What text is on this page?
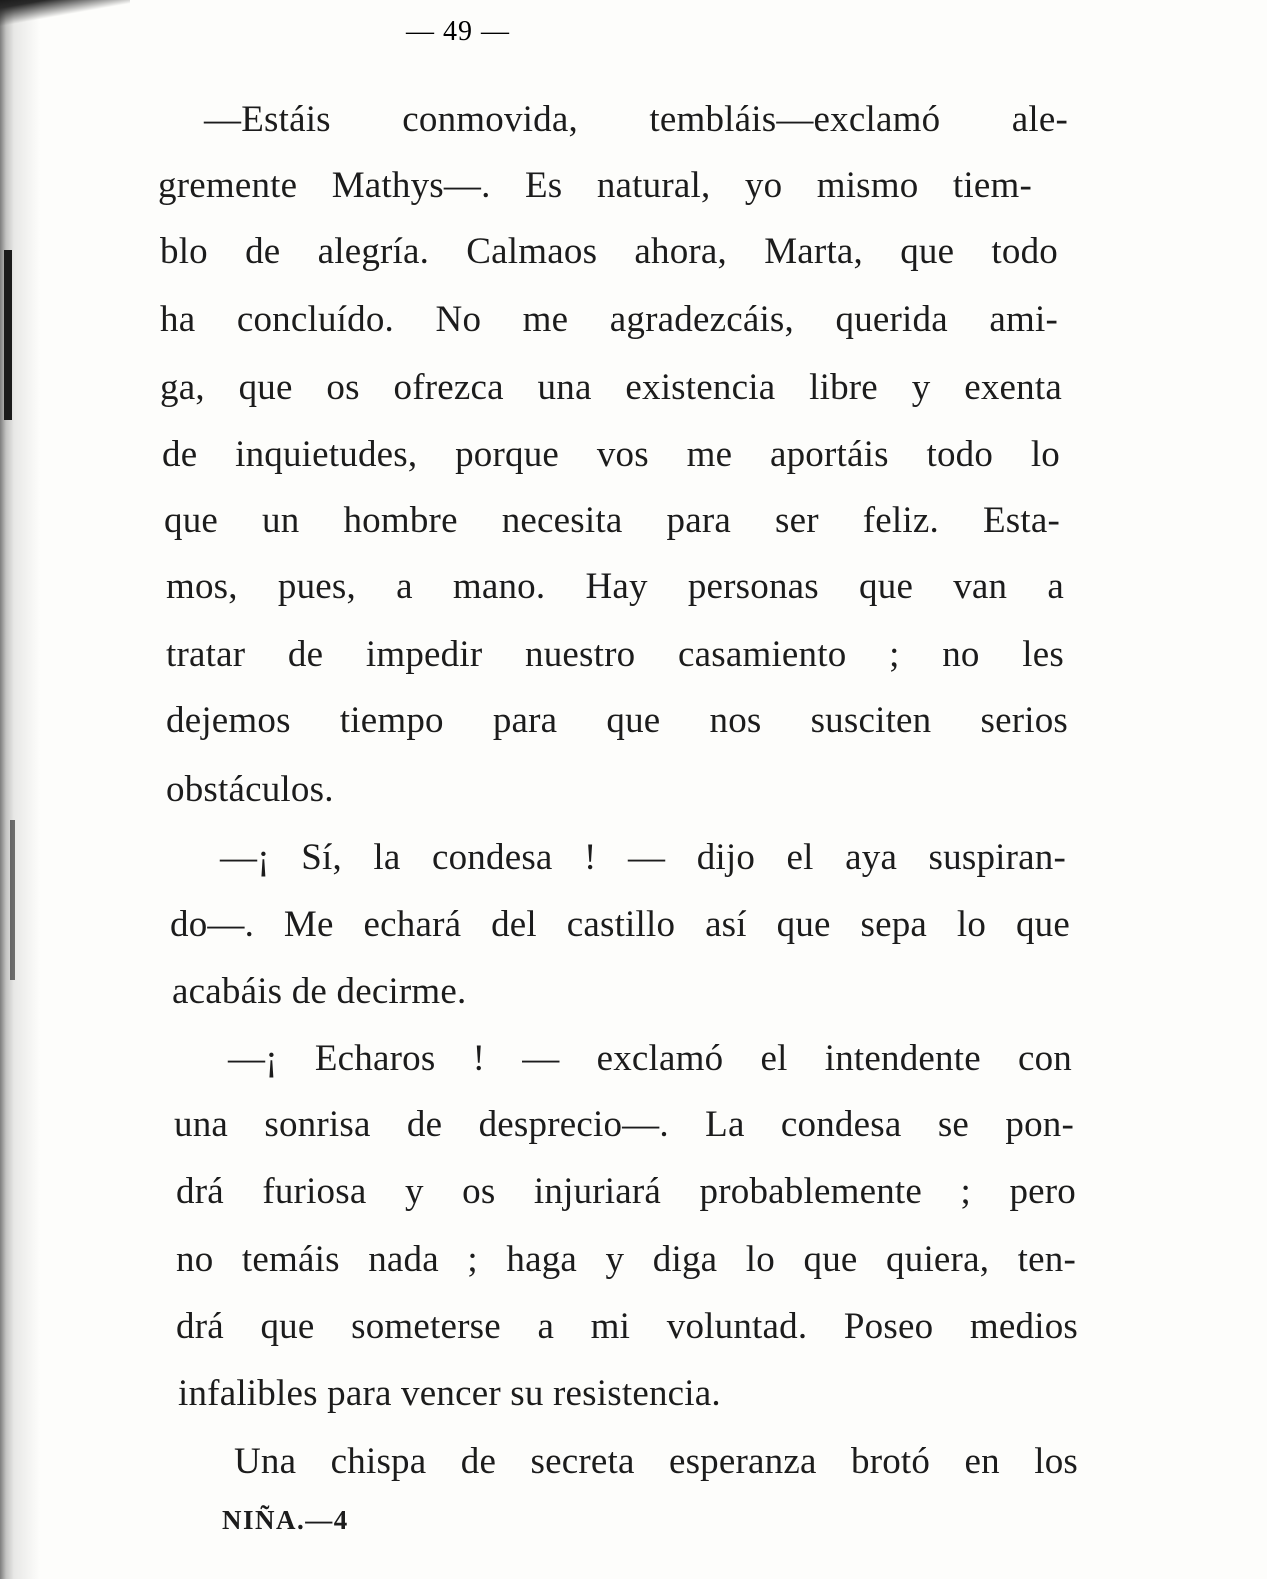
— 49 —
—Estáis conmovida, tembláis—exclamó ale-
gremente Mathys—. Es natural, yo mismo tiem-
blo de alegría. Calmaos ahora, Marta, que todo
ha concluído. No me agradezcáis, querida ami-
ga, que os ofrezca una existencia libre y exenta
de inquietudes, porque vos me aportáis todo lo
que un hombre necesita para ser feliz. Esta-
mos, pues, a mano. Hay personas que van a
tratar de impedir nuestro casamiento ; no les
dejemos tiempo para que nos susciten serios
obstáculos.
—¡ Sí, la condesa ! — dijo el aya suspiran-
do—. Me echará del castillo así que sepa lo que
acabáis de decirme.
—¡ Echaros ! — exclamó el intendente con
una sonrisa de desprecio—. La condesa se pon-
drá furiosa y os injuriará probablemente ; pero
no temáis nada ; haga y diga lo que quiera, ten-
drá que someterse a mi voluntad. Poseo medios
infalibles para vencer su resistencia.
Una chispa de secreta esperanza brotó en los
NIÑA.—4
